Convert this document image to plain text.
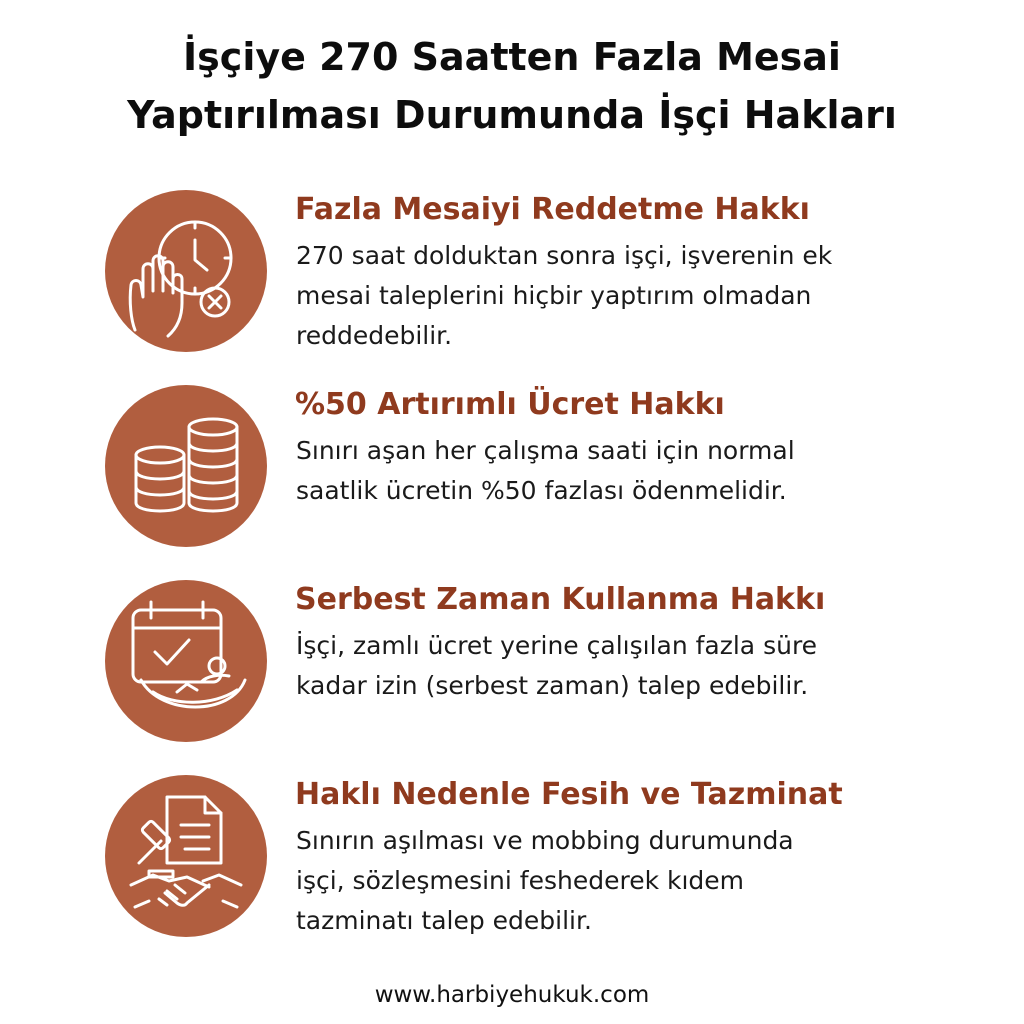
İşçiye 270 Saatten Fazla Mesai
Yaptırılması Durumunda İşçi Hakları
Fazla Mesaiyi Reddetme Hakkı
270 saat dolduktan sonra işçi, işverenin ek
mesai taleplerini hiçbir yaptırım olmadan
reddedebilir.
%50 Artırımlı Ücret Hakkı
Sınırı aşan her çalışma saati için normal
saatlik ücretin %50 fazlası ödenmelidir.
Serbest Zaman Kullanma Hakkı
İşçi, zamlı ücret yerine çalışılan fazla süre
kadar izin (serbest zaman) talep edebilir.
Haklı Nedenle Fesih ve Tazminat
Sınırın aşılması ve mobbing durumunda
işçi, sözleşmesini feshederek kıdem
tazminatı talep edebilir.
www.harbiyehukuk.com
